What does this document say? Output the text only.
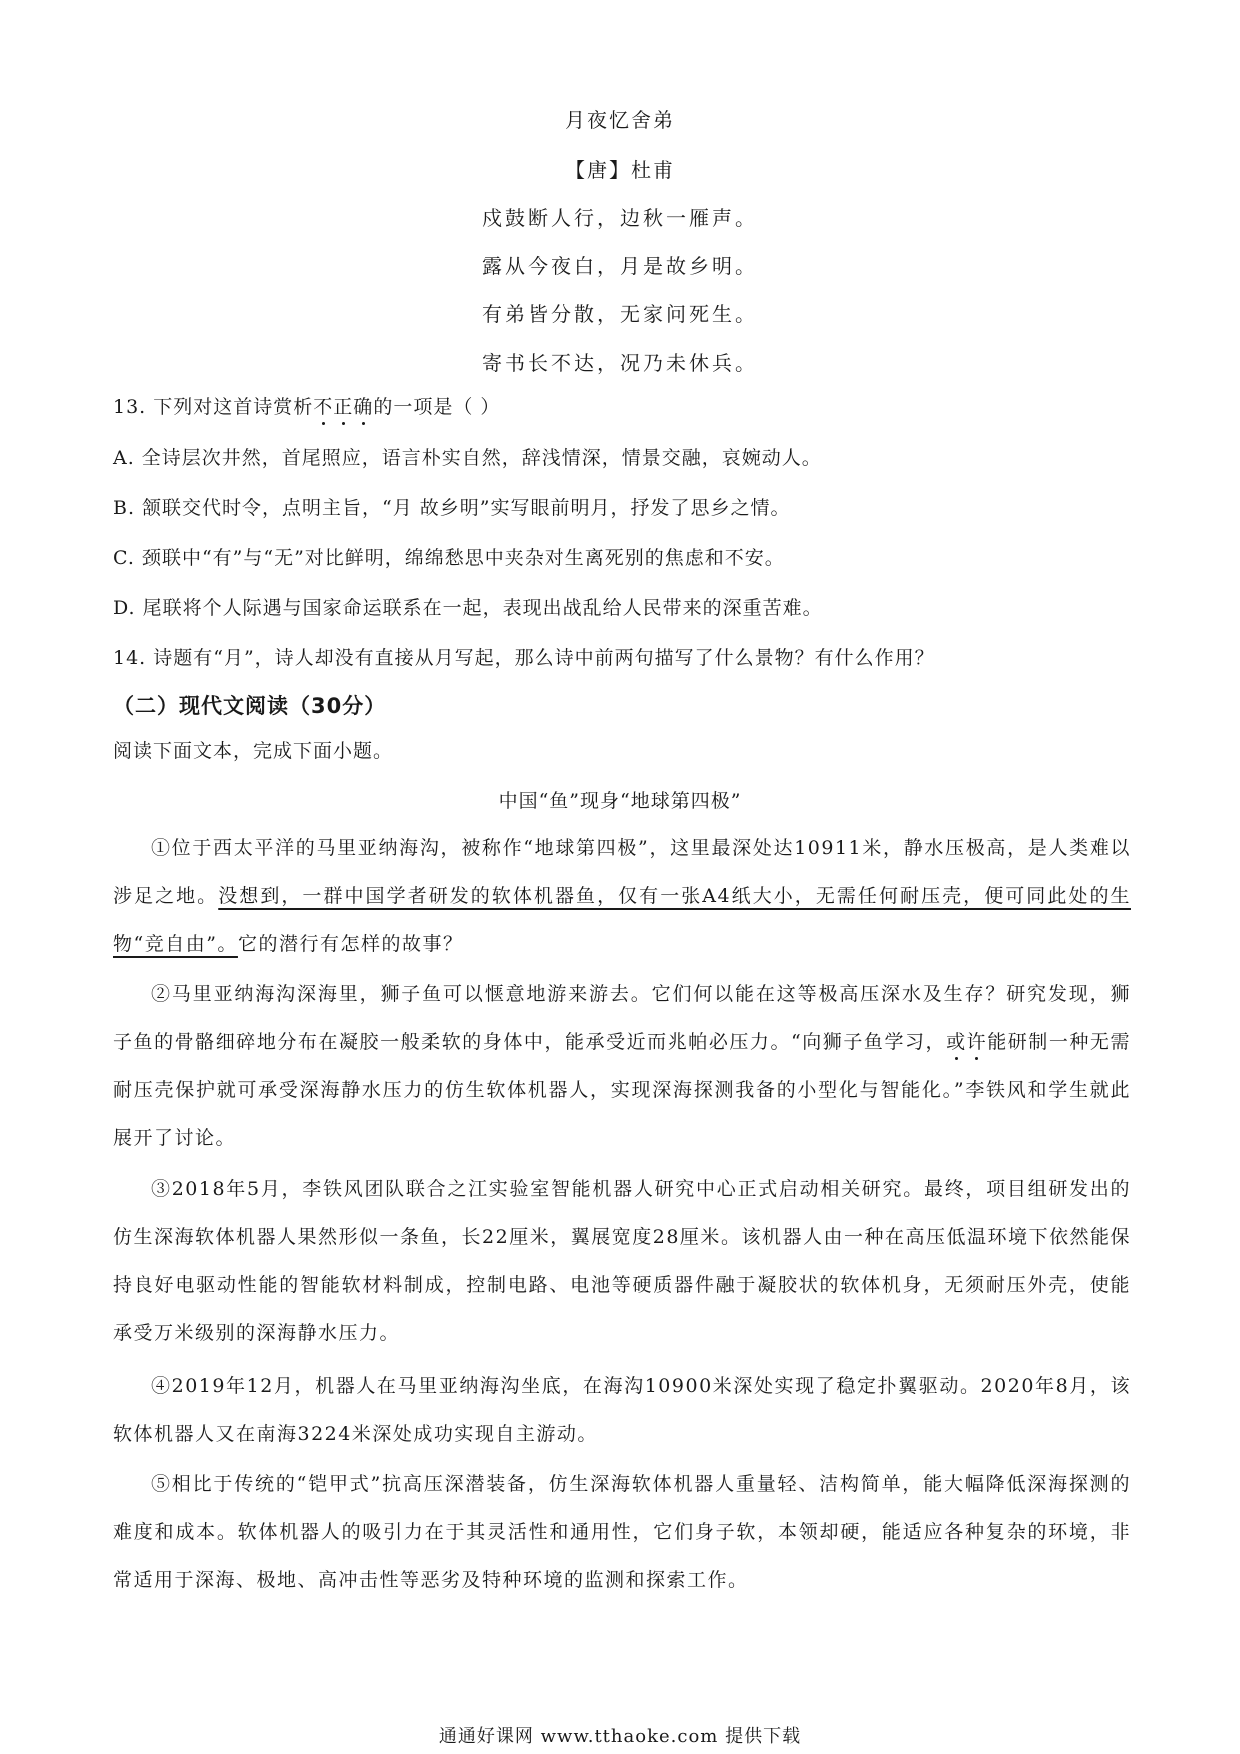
月夜忆舍弟
【唐】杜甫
戍鼓断人行，边秋一雁声。
露从今夜白，月是故乡明。
有弟皆分散，无家问死生。
寄书长不达，况乃未休兵。
13. 下列对这首诗赏析不正确的一项是（ ）
A. 全诗层次井然，首尾照应，语言朴实自然，辞浅情深，情景交融，哀婉动人。
B. 颔联交代时令，点明主旨，“月 故乡明”实写眼前明月，抒发了思乡之情。
C. 颈联中“有”与“无”对比鲜明，绵绵愁思中夹杂对生离死别的焦虑和不安。
D. 尾联将个人际遇与国家命运联系在一起，表现出战乱给人民带来的深重苦难。
14. 诗题有“月”，诗人却没有直接从月写起，那么诗中前两句描写了什么景物？有什么作用？
（二）现代文阅读（30分）
阅读下面文本，完成下面小题。
中国“鱼”现身“地球第四极”
①位于西太平洋的马里亚纳海沟，被称作“地球第四极”，这里最深处达10911米，静水压极高，是人类难以涉足之地。没想到，一群中国学者研发的软体机器鱼，仅有一张A4纸大小，无需任何耐压壳，便可同此处的生物“竞自由”。它的潜行有怎样的故事？
②马里亚纳海沟深海里，狮子鱼可以惬意地游来游去。它们何以能在这等极高压深水及生存？研究发现，狮子鱼的骨骼细碎地分布在凝胶一般柔软的身体中，能承受近而兆帕必压力。“向狮子鱼学习，或许能研制一种无需耐压壳保护就可承受深海静水压力的仿生软体机器人，实现深海探测我备的小型化与智能化。”李铁风和学生就此展开了讨论。
③2018年5月，李铁风团队联合之江实验室智能机器人研究中心正式启动相关研究。最终，项目组研发出的仿生深海软体机器人果然形似一条鱼，长22厘米，翼展宽度28厘米。该机器人由一种在高压低温环境下依然能保持良好电驱动性能的智能软材料制成，控制电路、电池等硬质器件融于凝胶状的软体机身，无须耐压外壳，使能承受万米级别的深海静水压力。
④2019年12月，机器人在马里亚纳海沟坐底，在海沟10900米深处实现了稳定扑翼驱动。2020年8月，该软体机器人又在南海3224米深处成功实现自主游动。
⑤相比于传统的“铠甲式”抗高压深潜装备，仿生深海软体机器人重量轻、洁构简单，能大幅降低深海探测的难度和成本。软体机器人的吸引力在于其灵活性和通用性，它们身子软，本领却硬，能适应各种复杂的环境，非常适用于深海、极地、高冲击性等恶劣及特种环境的监测和探索工作。
通通好课网 www.tthaoke.com 提供下载
